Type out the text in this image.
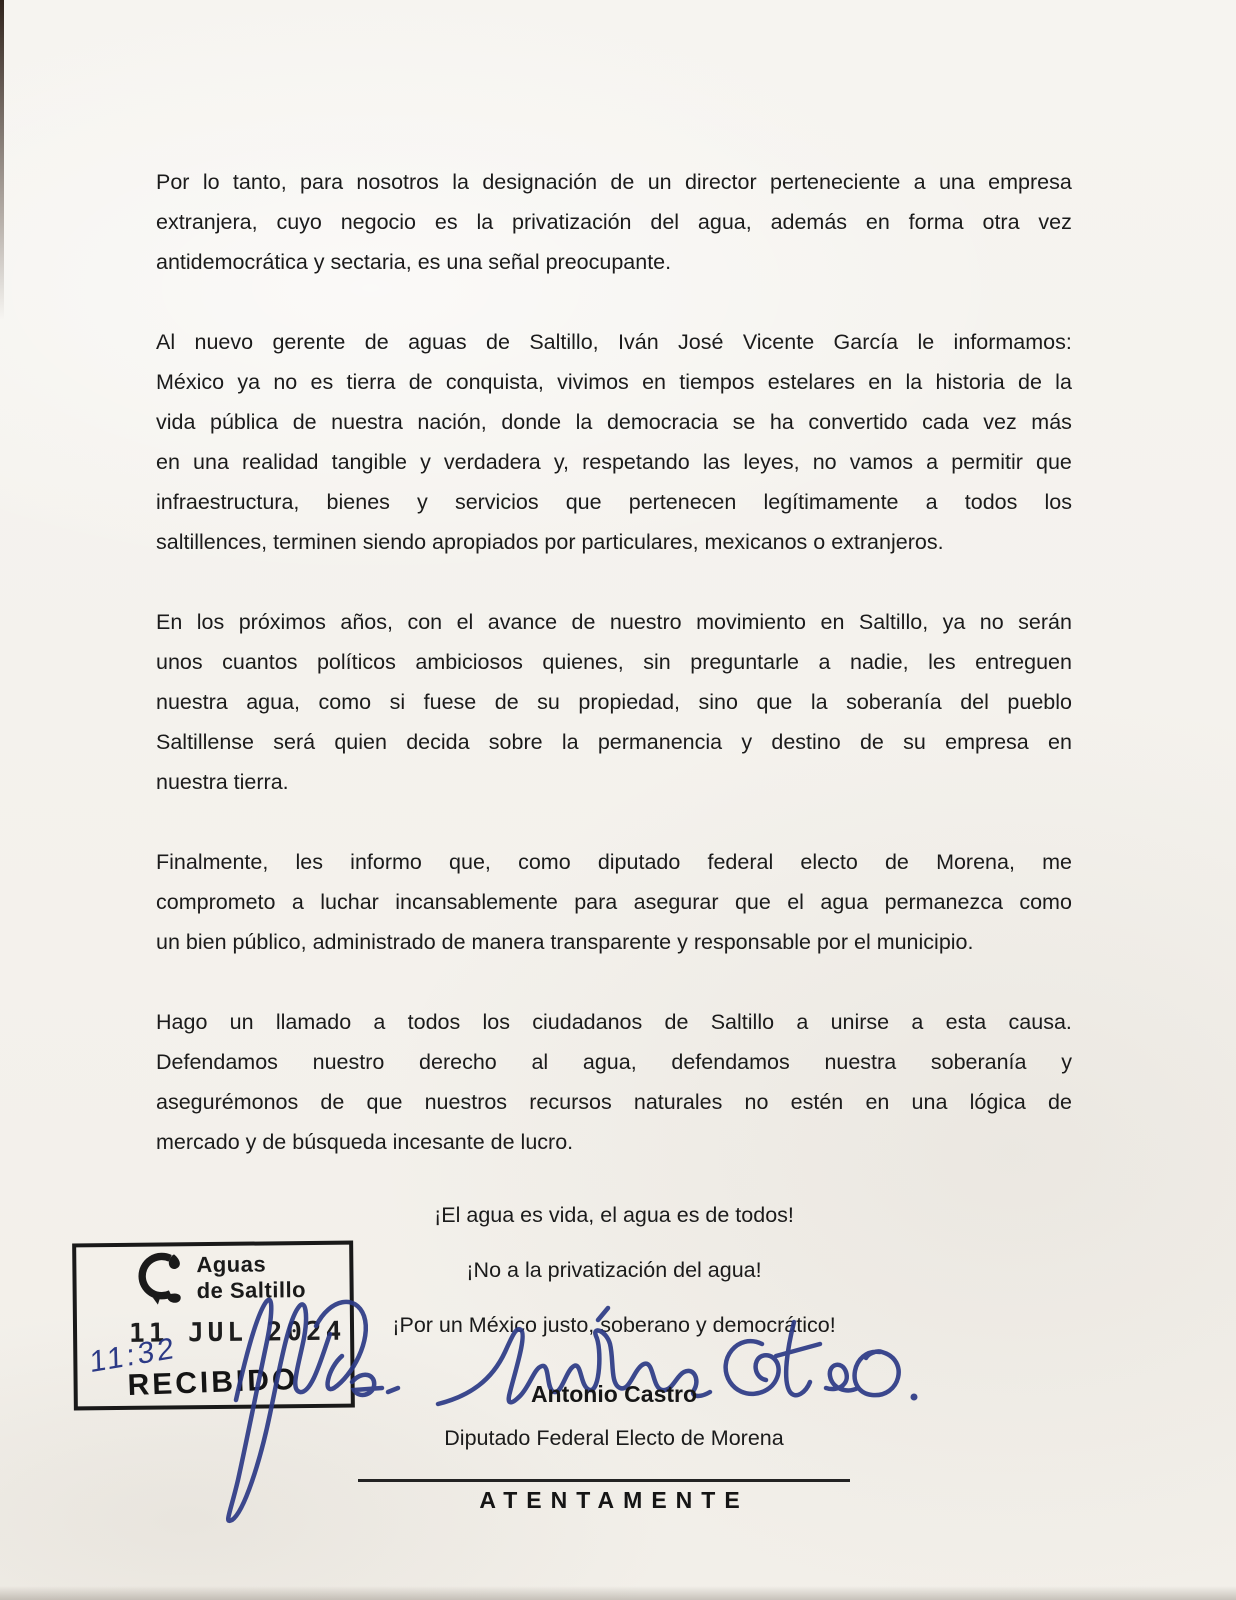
Por lo tanto, para nosotros la designación de un director perteneciente a una empresa
extranjera, cuyo negocio es la privatización del agua, además en forma otra vez
antidemocrática y sectaria, es una señal preocupante.
Al nuevo gerente de aguas de Saltillo, Iván José Vicente García le informamos:
México ya no es tierra de conquista, vivimos en tiempos estelares en la historia de la
vida pública de nuestra nación, donde la democracia se ha convertido cada vez más
en una realidad tangible y verdadera y, respetando las leyes, no vamos a permitir que
infraestructura, bienes y servicios que pertenecen legítimamente a todos los
saltillences, terminen siendo apropiados por particulares, mexicanos o extranjeros.
En los próximos años, con el avance de nuestro movimiento en Saltillo, ya no serán
unos cuantos políticos ambiciosos quienes, sin preguntarle a nadie, les entreguen
nuestra agua, como si fuese de su propiedad, sino que la soberanía del pueblo
Saltillense será quien decida sobre la permanencia y destino de su empresa en
nuestra tierra.
Finalmente, les informo que, como diputado federal electo de Morena, me
comprometo a luchar incansablemente para asegurar que el agua permanezca como
un bien público, administrado de manera transparente y responsable por el municipio.
Hago un llamado a todos los ciudadanos de Saltillo a unirse a esta causa.
Defendamos nuestro derecho al agua, defendamos nuestra soberanía y
asegurémonos de que nuestros recursos naturales no estén en una lógica de
mercado y de búsqueda incesante de lucro.
¡El agua es vida, el agua es de todos!
¡No a la privatización del agua!
¡Por un México justo, soberano y democrático!
Aguas
de Saltillo
11 JUL 2024
11:32
RECIBIDO	Antonio Castro
Diputado Federal Electo de Morena
ATENTAMENTE
